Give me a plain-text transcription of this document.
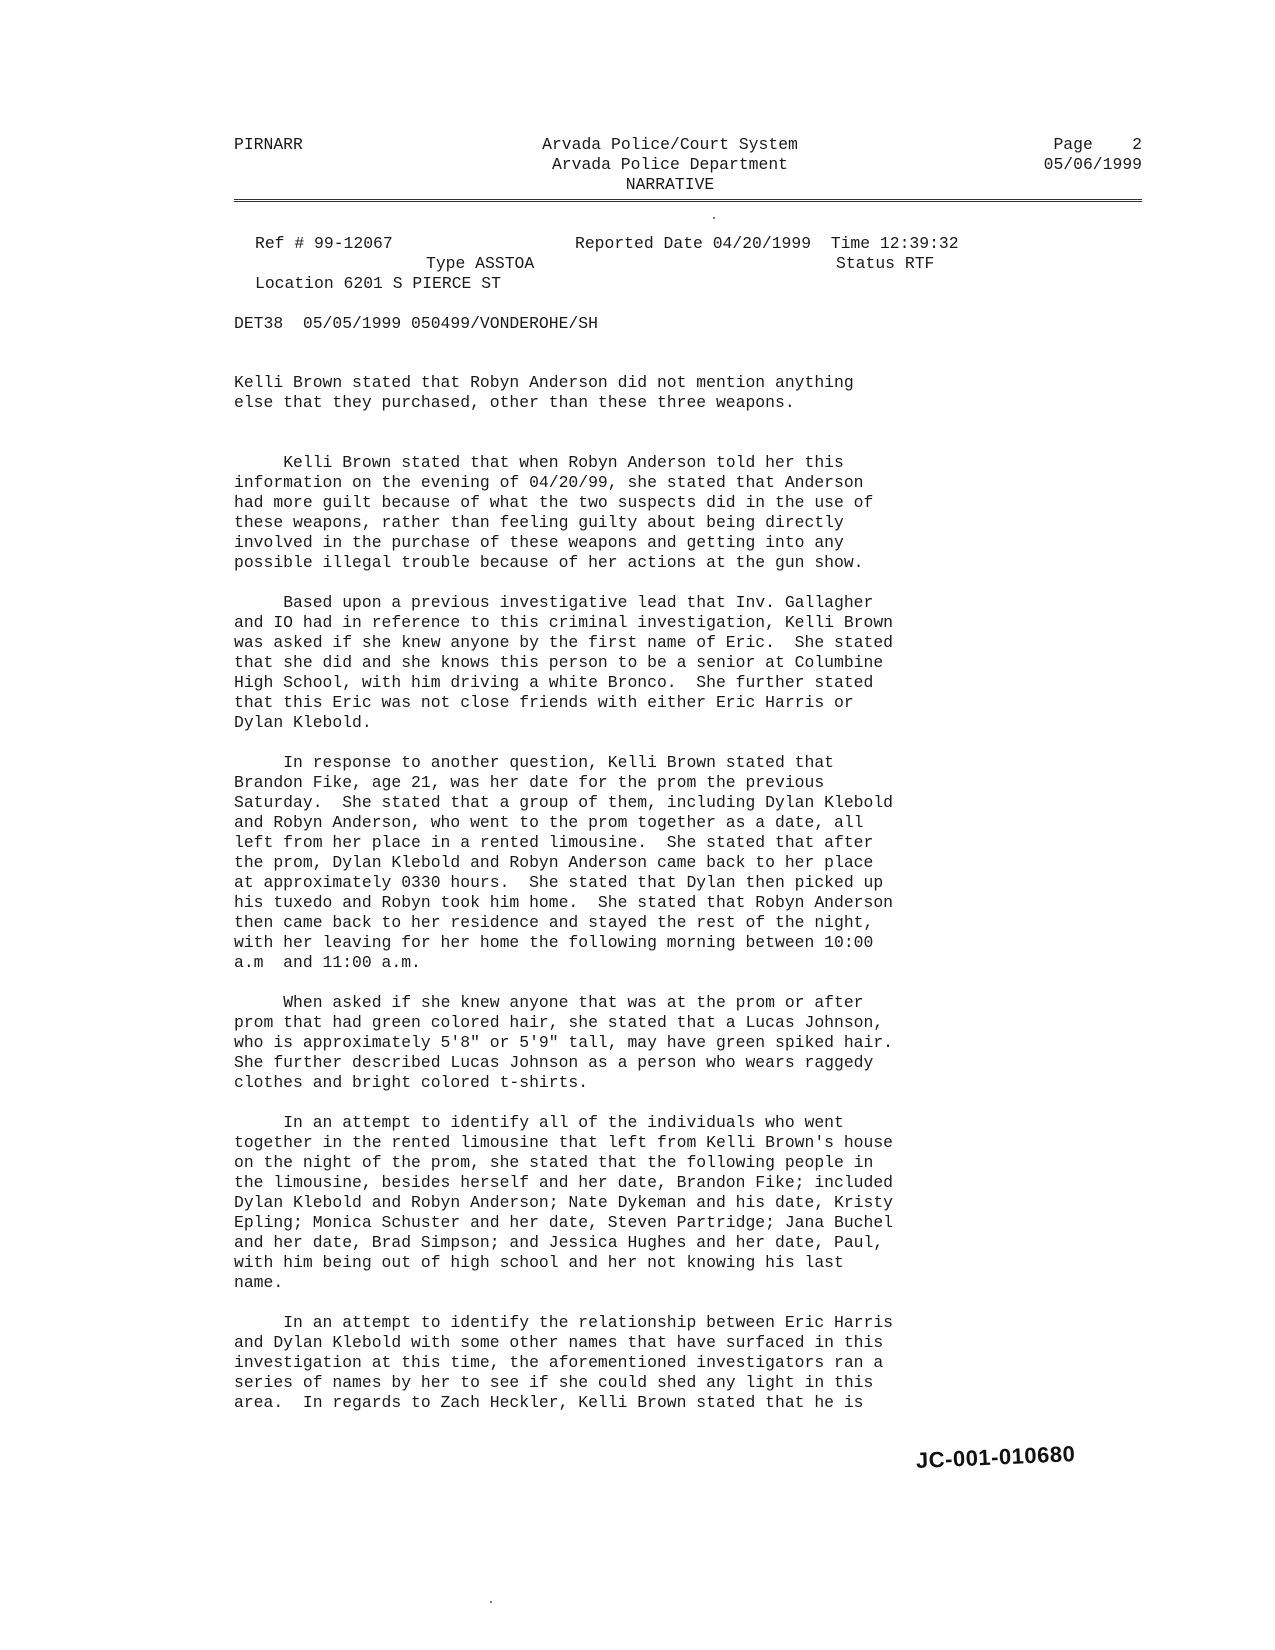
PIRNARR	Arvada Police/Court System
Arvada Police Department
NARRATIVE
Page    2
05/06/1999
Ref # 99-12067	Reported Date 04/20/1999  Time 12:39:32
Type ASSTOA	Status RTF
Location 6201 S PIERCE ST
DET38  05/05/1999 050499/VONDEROHE/SH

Kelli Brown stated that Robyn Anderson did not mention anything
else that they purchased, other than these three weapons.

Kelli Brown stated that when Robyn Anderson told her this
information on the evening of 04/20/99, she stated that Anderson
had more guilt because of what the two suspects did in the use of
these weapons, rather than feeling guilty about being directly
involved in the purchase of these weapons and getting into any
possible illegal trouble because of her actions at the gun show.

Based upon a previous investigative lead that Inv. Gallagher
and IO had in reference to this criminal investigation, Kelli Brown
was asked if she knew anyone by the first name of Eric.  She stated
that she did and she knows this person to be a senior at Columbine
High School, with him driving a white Bronco.  She further stated
that this Eric was not close friends with either Eric Harris or
Dylan Klebold.

In response to another question, Kelli Brown stated that
Brandon Fike, age 21, was her date for the prom the previous
Saturday.  She stated that a group of them, including Dylan Klebold
and Robyn Anderson, who went to the prom together as a date, all
left from her place in a rented limousine.  She stated that after
the prom, Dylan Klebold and Robyn Anderson came back to her place
at approximately 0330 hours.  She stated that Dylan then picked up
his tuxedo and Robyn took him home.  She stated that Robyn Anderson
then came back to her residence and stayed the rest of the night,
with her leaving for her home the following morning between 10:00
a.m  and 11:00 a.m.

When asked if she knew anyone that was at the prom or after
prom that had green colored hair, she stated that a Lucas Johnson,
who is approximately 5'8" or 5'9" tall, may have green spiked hair.
She further described Lucas Johnson as a person who wears raggedy
clothes and bright colored t-shirts.

In an attempt to identify all of the individuals who went
together in the rented limousine that left from Kelli Brown's house
on the night of the prom, she stated that the following people in
the limousine, besides herself and her date, Brandon Fike; included
Dylan Klebold and Robyn Anderson; Nate Dykeman and his date, Kristy
Epling; Monica Schuster and her date, Steven Partridge; Jana Buchel
and her date, Brad Simpson; and Jessica Hughes and her date, Paul,
with him being out of high school and her not knowing his last
name.

In an attempt to identify the relationship between Eric Harris
and Dylan Klebold with some other names that have surfaced in this
investigation at this time, the aforementioned investigators ran a
series of names by her to see if she could shed any light in this
area.  In regards to Zach Heckler, Kelli Brown stated that he is

JC-001-010680
